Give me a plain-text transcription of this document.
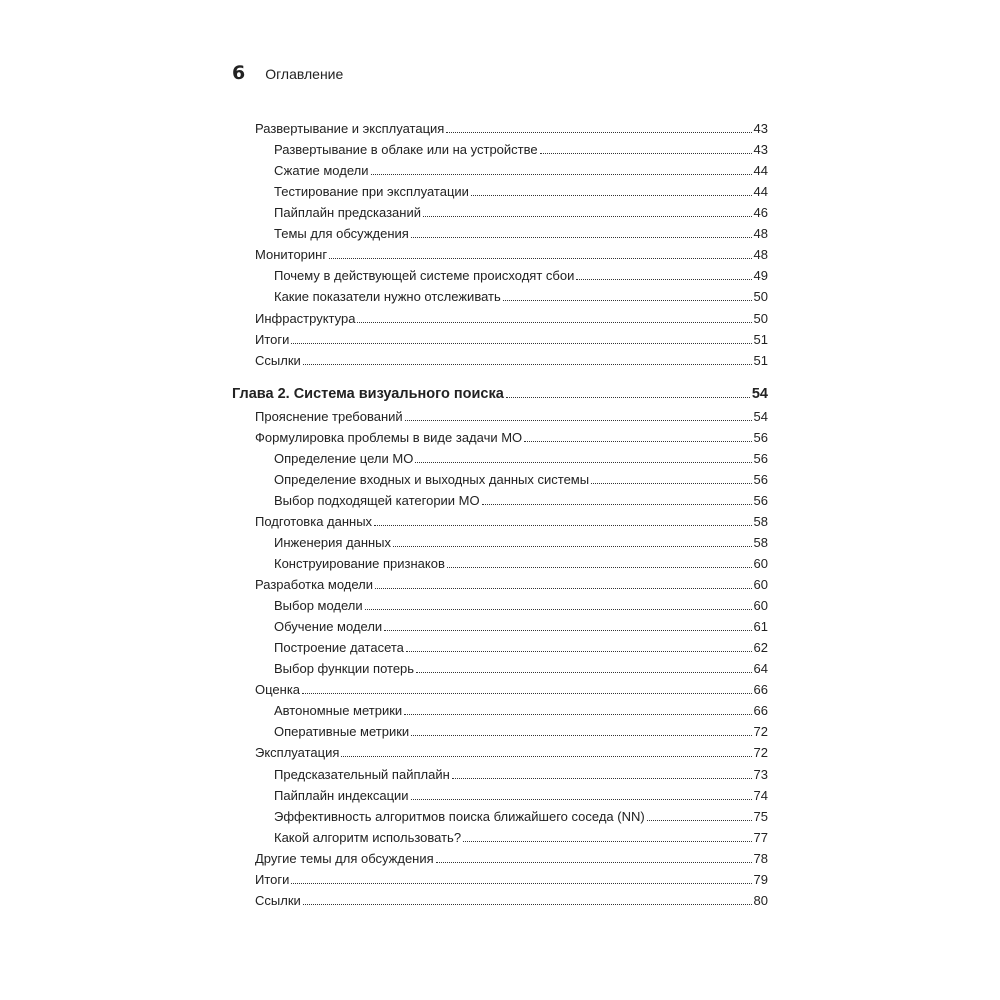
6 Оглавление
Развертывание и эксплуатация	43
Развертывание в облаке или на устройстве	43
Сжатие модели	44
Тестирование при эксплуатации	44
Пайплайн предсказаний	46
Темы для обсуждения	48
Мониторинг	48
Почему в действующей системе происходят сбои	49
Какие показатели нужно отслеживать	50
Инфраструктура	50
Итоги	51
Ссылки	51
Глава 2. Система визуального поиска	54
Прояснение требований	54
Формулировка проблемы в виде задачи МО	56
Определение цели МО	56
Определение входных и выходных данных системы	56
Выбор подходящей категории МО	56
Подготовка данных	58
Инженерия данных	58
Конструирование признаков	60
Разработка модели	60
Выбор модели	60
Обучение модели	61
Построение датасета	62
Выбор функции потерь	64
Оценка	66
Автономные метрики	66
Оперативные метрики	72
Эксплуатация	72
Предсказательный пайплайн	73
Пайплайн индексации	74
Эффективность алгоритмов поиска ближайшего соседа (NN)	75
Какой алгоритм использовать?	77
Другие темы для обсуждения	78
Итоги	79
Ссылки	80
